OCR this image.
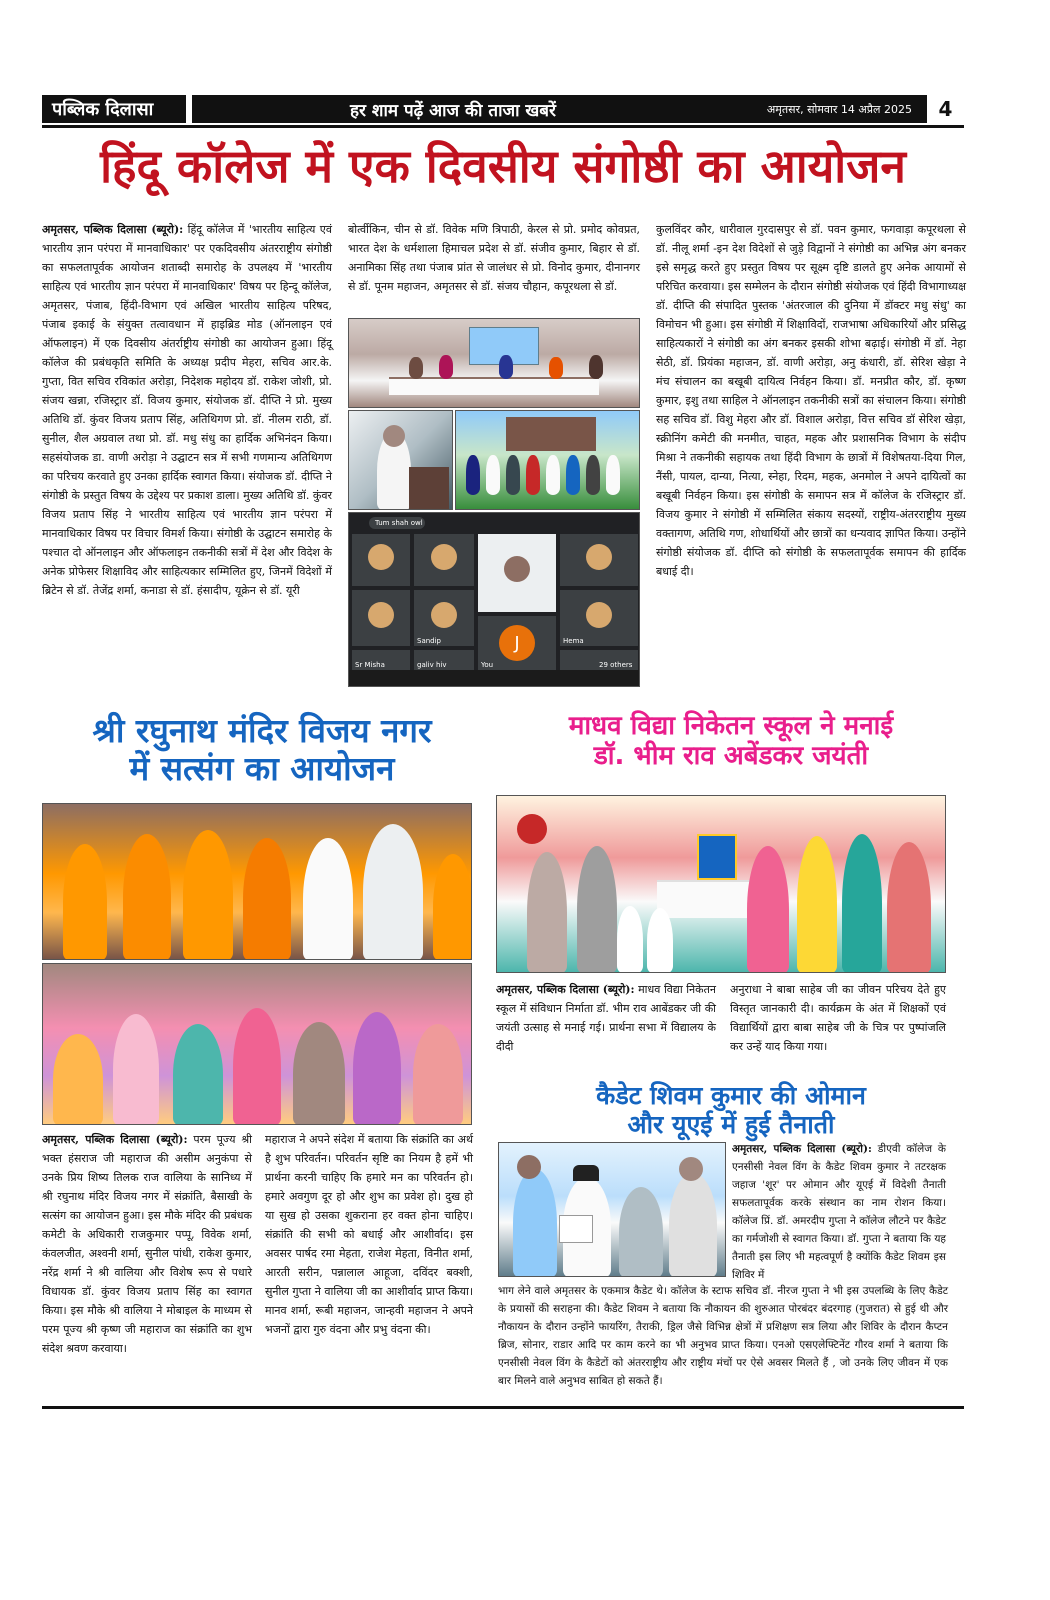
पब्लिक दिलासा	हर शाम पढ़ें आज की ताजा खबरें	अमृतसर, सोमवार 14 अप्रैल 2025	4
हिंदू कॉलेज में एक दिवसीय संगोष्ठी का आयोजन
अमृतसर, पब्लिक दिलासा (ब्यूरो): हिंदू कॉलेज में 'भारतीय साहित्य एवं भारतीय ज्ञान परंपरा में मानवाधिकार' पर एकदिवसीय अंतरराष्ट्रीय संगोष्ठी का सफलतापूर्वक आयोजन शताब्दी समारोह के उपलक्ष्य में 'भारतीय साहित्य एवं भारतीय ज्ञान परंपरा में मानवाधिकार' विषय पर हिन्दू कॉलेज, अमृतसर, पंजाब, हिंदी-विभाग एवं अखिल भारतीय साहित्य परिषद, पंजाब इकाई के संयुक्त तत्वावधान में हाइब्रिड मोड (ऑनलाइन एवं ऑफलाइन) में एक दिवसीय अंतर्राष्ट्रीय संगोष्ठी का आयोजन हुआ। हिंदू कॉलेज की प्रबंधकृति समिति के अध्यक्ष प्रदीप मेहरा, सचिव आर.के. गुप्ता, वित सचिव रविकांत अरोड़ा, निदेशक महोदय डॉ. राकेश जोशी, प्रो. संजय खन्ना, रजिस्ट्रार डॉ. विजय कुमार, संयोजक डॉ. दीप्ति ने प्रो. मुख्य अतिथि डॉ. कुंवर विजय प्रताप सिंह, अतिथिगण प्रो. डॉ. नीलम राठी, डॉ. सुनील, शैल अग्रवाल तथा प्रो. डॉ. मधु संधु का हार्दिक अभिनंदन किया। सहसंयोजक डा. वाणी अरोड़ा ने उद्घाटन सत्र में सभी गणमान्य अतिथिगण का परिचय करवाते हुए उनका हार्दिक स्वागत किया। संयोजक डॉ. दीप्ति ने संगोष्ठी के प्रस्तुत विषय के उद्देश्य पर प्रकाश डाला। मुख्य अतिथि डॉ. कुंवर विजय प्रताप सिंह ने भारतीय साहित्य एवं भारतीय ज्ञान परंपरा में मानवाधिकार विषय पर विचार विमर्श किया। संगोष्ठी के उद्घाटन समारोह के पश्चात दो ऑनलाइन और ऑफलाइन तकनीकी सत्रों में देश और विदेश के अनेक प्रोफेसर शिक्षाविद और साहित्यकार सम्मिलित हुए, जिनमें विदेशों में ब्रिटेन से डॉ. तेजेंद्र शर्मा, कनाडा से डॉ. हंसादीप, यूक्रेन से डॉ. यूरी
बोर्त्वीकिन, चीन से डॉ. विवेक मणि त्रिपाठी, केरल से प्रो. प्रमोद कोवप्रत, भारत देश के धर्मशाला हिमाचल प्रदेश से डॉ. संजीव कुमार, बिहार से डॉ. अनामिका सिंह तथा पंजाब प्रांत से जालंधर से प्रो. विनोद कुमार, दीनानगर से डॉ. पूनम महाजन, अमृतसर से डॉ. संजय चौहान, कपूरथला से डॉ.
Tum shah owl
J
You	29 others
Sr Misha	galiv hiv
Sandip	Hema
कुलविंदर कौर, धारीवाल गुरदासपुर से डॉ. पवन कुमार, फगवाड़ा कपूरथला से डॉ. नीलू शर्मा -इन देश विदेशों से जुड़े विद्वानों ने संगोष्ठी का अभिन्न अंग बनकर इसे समृद्ध करते हुए प्रस्तुत विषय पर सूक्ष्म दृष्टि डालते हुए अनेक आयामों से परिचित करवाया। इस सम्मेलन के दौरान संगोष्ठी संयोजक एवं हिंदी विभागाध्यक्ष डॉ. दीप्ति की संपादित पुस्तक 'अंतरजाल की दुनिया में डॉक्टर मधु संधु' का विमोचन भी हुआ। इस संगोष्ठी में शिक्षाविदों, राजभाषा अधिकारियों और प्रसिद्ध साहित्यकारों ने संगोष्ठी का अंग बनकर इसकी शोभा बढ़ाई। संगोष्ठी में डॉ. नेहा सेठी, डॉ. प्रियंका महाजन, डॉ. वाणी अरोड़ा, अनु कंधारी, डॉ. सेरिश खेड़ा ने मंच संचालन का बखूबी दायित्व निर्वहन किया। डॉ. मनप्रीत कौर, डॉ. कृष्ण कुमार, इशु तथा साहिल ने ऑनलाइन तकनीकी सत्रों का संचालन किया। संगोष्ठी सह सचिव डॉ. विशु मेहरा और डॉ. विशाल अरोड़ा, वित्त सचिव डॉ सेरिश खेड़ा, स्क्रीनिंग कमेटी की मनमीत, चाहत, महक और प्रशासनिक विभाग के संदीप मिश्रा ने तकनीकी सहायक तथा हिंदी विभाग के छात्रों में विशेषतया-दिया गिल, नैंसी, पायल, दान्या, नित्या, स्नेहा, रिदम, महक, अनमोल ने अपने दायित्वों का बखूबी निर्वहन किया। इस संगोष्ठी के समापन सत्र में कॉलेज के रजिस्ट्रार डॉ. विजय कुमार ने संगोष्ठी में सम्मिलित संकाय सदस्यों, राष्ट्रीय-अंतरराष्ट्रीय मुख्य वक्तागण, अतिथि गण, शोधार्थियों और छात्रों का धन्यवाद ज्ञापित किया। उन्होंने संगोष्ठी संयोजक डॉ. दीप्ति को संगोष्ठी के सफलतापूर्वक समापन की हार्दिक बधाई दी।
श्री रघुनाथ मंदिर विजय नगर
में सत्संग का आयोजन
अमृतसर, पब्लिक दिलासा (ब्यूरो): परम पूज्य श्री भक्त हंसराज जी महाराज की असीम अनुकंपा से उनके प्रिय शिष्य तिलक राज वालिया के सानिध्य में श्री रघुनाथ मंदिर विजय नगर में संक्रांति, बैसाखी के सत्संग का आयोजन हुआ। इस मौके मंदिर की प्रबंधक कमेटी के अधिकारी राजकुमार पप्पू, विवेक शर्मा, कंवलजीत, अश्वनी शर्मा, सुनील पांधी, राकेश कुमार, नरेंद्र शर्मा ने श्री वालिया और विशेष रूप से पधारे विधायक डॉ. कुंवर विजय प्रताप सिंह का स्वागत किया। इस मौके श्री वालिया ने मोबाइल के माध्यम से परम पूज्य श्री कृष्ण जी महाराज का संक्रांति का शुभ संदेश श्रवण करवाया।
महाराज ने अपने संदेश में बताया कि संक्रांति का अर्थ है शुभ परिवर्तन। परिवर्तन सृष्टि का नियम है हमें भी प्रार्थना करनी चाहिए कि हमारे मन का परिवर्तन हो। हमारे अवगुण दूर हो और शुभ का प्रवेश हो। दुख हो या सुख हो उसका शुकराना हर वक्त होना चाहिए। संक्रांति की सभी को बधाई और आशीर्वाद। इस अवसर पार्षद रमा मेहता, राजेश मेहता, विनीत शर्मा, आरती सरीन, पन्नालाल आहूजा, दविंदर बक्शी, सुनील गुप्ता ने वालिया जी का आशीर्वाद प्राप्त किया। मानव शर्मा, रूबी महाजन, जान्हवी महाजन ने अपने भजनों द्वारा गुरु वंदना और प्रभु वंदना की।
माधव विद्या निकेतन स्कूल ने मनाई
डॉ. भीम राव अबेंडकर जयंती
अमृतसर, पब्लिक दिलासा (ब्यूरो): माधव विद्या निकेतन स्कूल में संविधान निर्माता डॉ. भीम राव आबेंडकर जी की जयंती उत्साह से मनाई गई। प्रार्थना सभा में विद्यालय के दीदी
अनुराधा ने बाबा साहेब जी का जीवन परिचय देते हुए विस्तृत जानकारी दी। कार्यक्रम के अंत में शिक्षकों एवं विद्यार्थियों द्वारा बाबा साहेब जी के चित्र पर पुष्पांजलि कर उन्हें याद किया गया।
कैडेट शिवम कुमार की ओमान
और यूएई में हुई तैनाती
अमृतसर, पब्लिक दिलासा (ब्यूरो): डीएवी कॉलेज के एनसीसी नेवल विंग के कैडेट शिवम कुमार ने तटरक्षक जहाज 'शूर' पर ओमान और यूएई में विदेशी तैनाती सफलतापूर्वक करके संस्थान का नाम रोशन किया। कॉलेज प्रिं. डॉ. अमरदीप गुप्ता ने कॉलेज लौटने पर कैडेट का गर्मजोशी से स्वागत किया। डॉ. गुप्ता ने बताया कि यह तैनाती इस लिए भी महत्वपूर्ण है क्योंकि कैडेट शिवम इस शिविर में
भाग लेने वाले अमृतसर के एकमात्र कैडेट थे। कॉलेज के स्टाफ सचिव डॉ. नीरज गुप्ता ने भी इस उपलब्धि के लिए कैडेट के प्रयासों की सराहना की। कैडेट शिवम ने बताया कि नौकायन की शुरुआत पोरबंदर बंदरगाह (गुजरात) से हुई थी और नौकायन के दौरान उन्होंने फायरिंग, तैराकी, ड्रिल जैसे विभिन्न क्षेत्रों में प्रशिक्षण सत्र लिया और शिविर के दौरान कैप्टन ब्रिज, सोनार, राडार आदि पर काम करने का भी अनुभव प्राप्त किया। एनओ एसएलेफ्टिनेंट गौरव शर्मा ने बताया कि एनसीसी नेवल विंग के कैडेटों को अंतरराष्ट्रीय और राष्ट्रीय मंचों पर ऐसे अवसर मिलते हैं , जो उनके लिए जीवन में एक बार मिलने वाले अनुभव साबित हो सकते हैं।
